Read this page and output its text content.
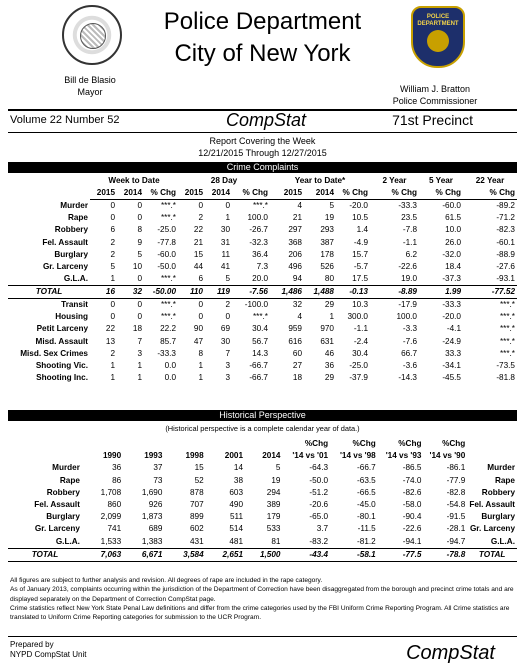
Police Department
City of New York
POLICE DEPARTMENT
Bill de Blasio
Mayor	William J. Bratton
Police Commissioner
Volume 22 Number 52	CompStat	71st Precinct
Report Covering the Week
12/21/2015 Through 12/27/2015
Crime Complaints
	Week to Date			28 Day			Year to Date*			2 Year	5 Year	22 Year
	2015	2014	% Chg	2015	2014	% Chg	2015	2014	% Chg	% Chg	% Chg	% Chg
Murder	0	0	***.*	0	0	***.*	4	5	-20.0	-33.3	-60.0	-89.2
Rape	0	0	***.*	2	1	100.0	21	19	10.5	23.5	61.5	-71.2
Robbery	6	8	-25.0	22	30	-26.7	297	293	1.4	-7.8	10.0	-82.3
Fel. Assault	2	9	-77.8	21	31	-32.3	368	387	-4.9	-1.1	26.0	-60.1
Burglary	2	5	-60.0	15	11	36.4	206	178	15.7	6.2	-32.0	-88.9
Gr. Larceny	5	10	-50.0	44	41	7.3	496	526	-5.7	-22.6	18.4	-27.6
G.L.A.	1	0	***.*	6	5	20.0	94	80	17.5	19.0	-37.3	-93.1
TOTAL	16	32	-50.00	110	119	-7.56	1,486	1,488	-0.13	-8.89	1.99	-77.52
Transit	0	0	***.*	0	2	-100.0	32	29	10.3	-17.9	-33.3	***.*
Housing	0	0	***.*	0	0	***.*	4	1	300.0	100.0	-20.0	***.*
Petit Larceny	22	18	22.2	90	69	30.4	959	970	-1.1	-3.3	-4.1	***.*
Misd. Assault	13	7	85.7	47	30	56.7	616	631	-2.4	-7.6	-24.9	***.*
Misd. Sex Crimes	2	3	-33.3	8	7	14.3	60	46	30.4	66.7	33.3	***.*
Shooting Vic.	1	1	0.0	1	3	-66.7	27	36	-25.0	-3.6	-34.1	-73.5
Shooting Inc.	1	1	0.0	1	3	-66.7	18	29	-37.9	-14.3	-45.5	-81.8
Historical Perspective
(Historical perspective is a complete calendar year of data.)
						%Chg	%Chg	%Chg	%Chg	
	1990	1993	1998	2001	2014	'14 vs '01	'14 vs '98	'14 vs '93	'14 vs '90	
Murder	36	37	15	14	5	-64.3	-66.7	-86.5	-86.1	Murder
Rape	86	73	52	38	19	-50.0	-63.5	-74.0	-77.9	Rape
Robbery	1,708	1,690	878	603	294	-51.2	-66.5	-82.6	-82.8	Robbery
Fel. Assault	860	926	707	490	389	-20.6	-45.0	-58.0	-54.8	Fel. Assault
Burglary	2,099	1,873	899	511	179	-65.0	-80.1	-90.4	-91.5	Burglary
Gr. Larceny	741	689	602	514	533	3.7	-11.5	-22.6	-28.1	Gr. Larceny
G.L.A.	1,533	1,383	431	481	81	-83.2	-81.2	-94.1	-94.7	G.L.A.
TOTAL	7,063	6,671	3,584	2,651	1,500	-43.4	-58.1	-77.5	-78.8	TOTAL
All figures are subject to further analysis and revision. All degrees of rape are included in the rape category.
As of January 2013, complaints occurring within the jurisdiction of the Department of Correction have been disaggregated from the borough and precinct crime totals and are displayed separately on the Department of Correction CompStat page.
Crime statistics reflect New York State Penal Law definitions and differ from the crime categories used by the FBI Uniform Crime Reporting Program. All Crime statistics are translated to Uniform Crime Reporting categories for submission to the UCR Program.
Prepared by
NYPD CompStat Unit	CompStat
